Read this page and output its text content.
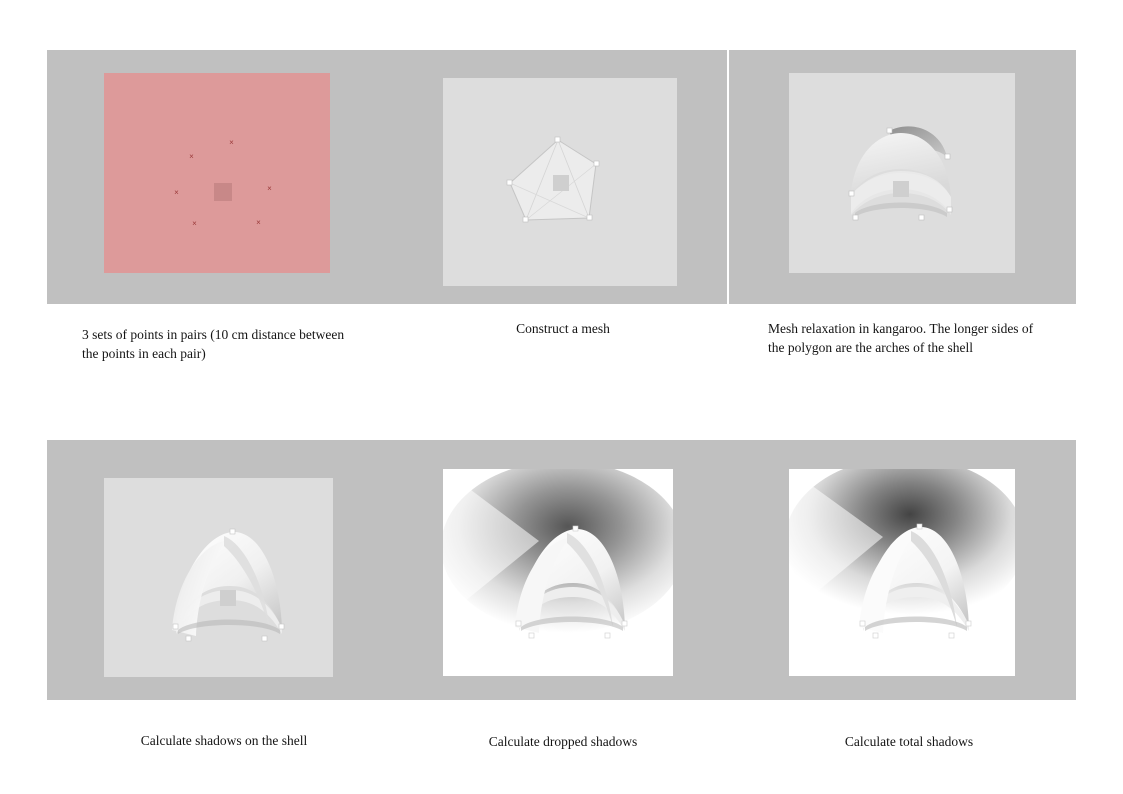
×
×
×
×
×
×
3 sets of points in pairs (10 cm distance between the points in each pair)
Construct a mesh	Mesh relaxation in kangaroo. The longer sides of the polygon are the arches of the shell
Calculate shadows on the shell	Calculate dropped shadows	Calculate total shadows
